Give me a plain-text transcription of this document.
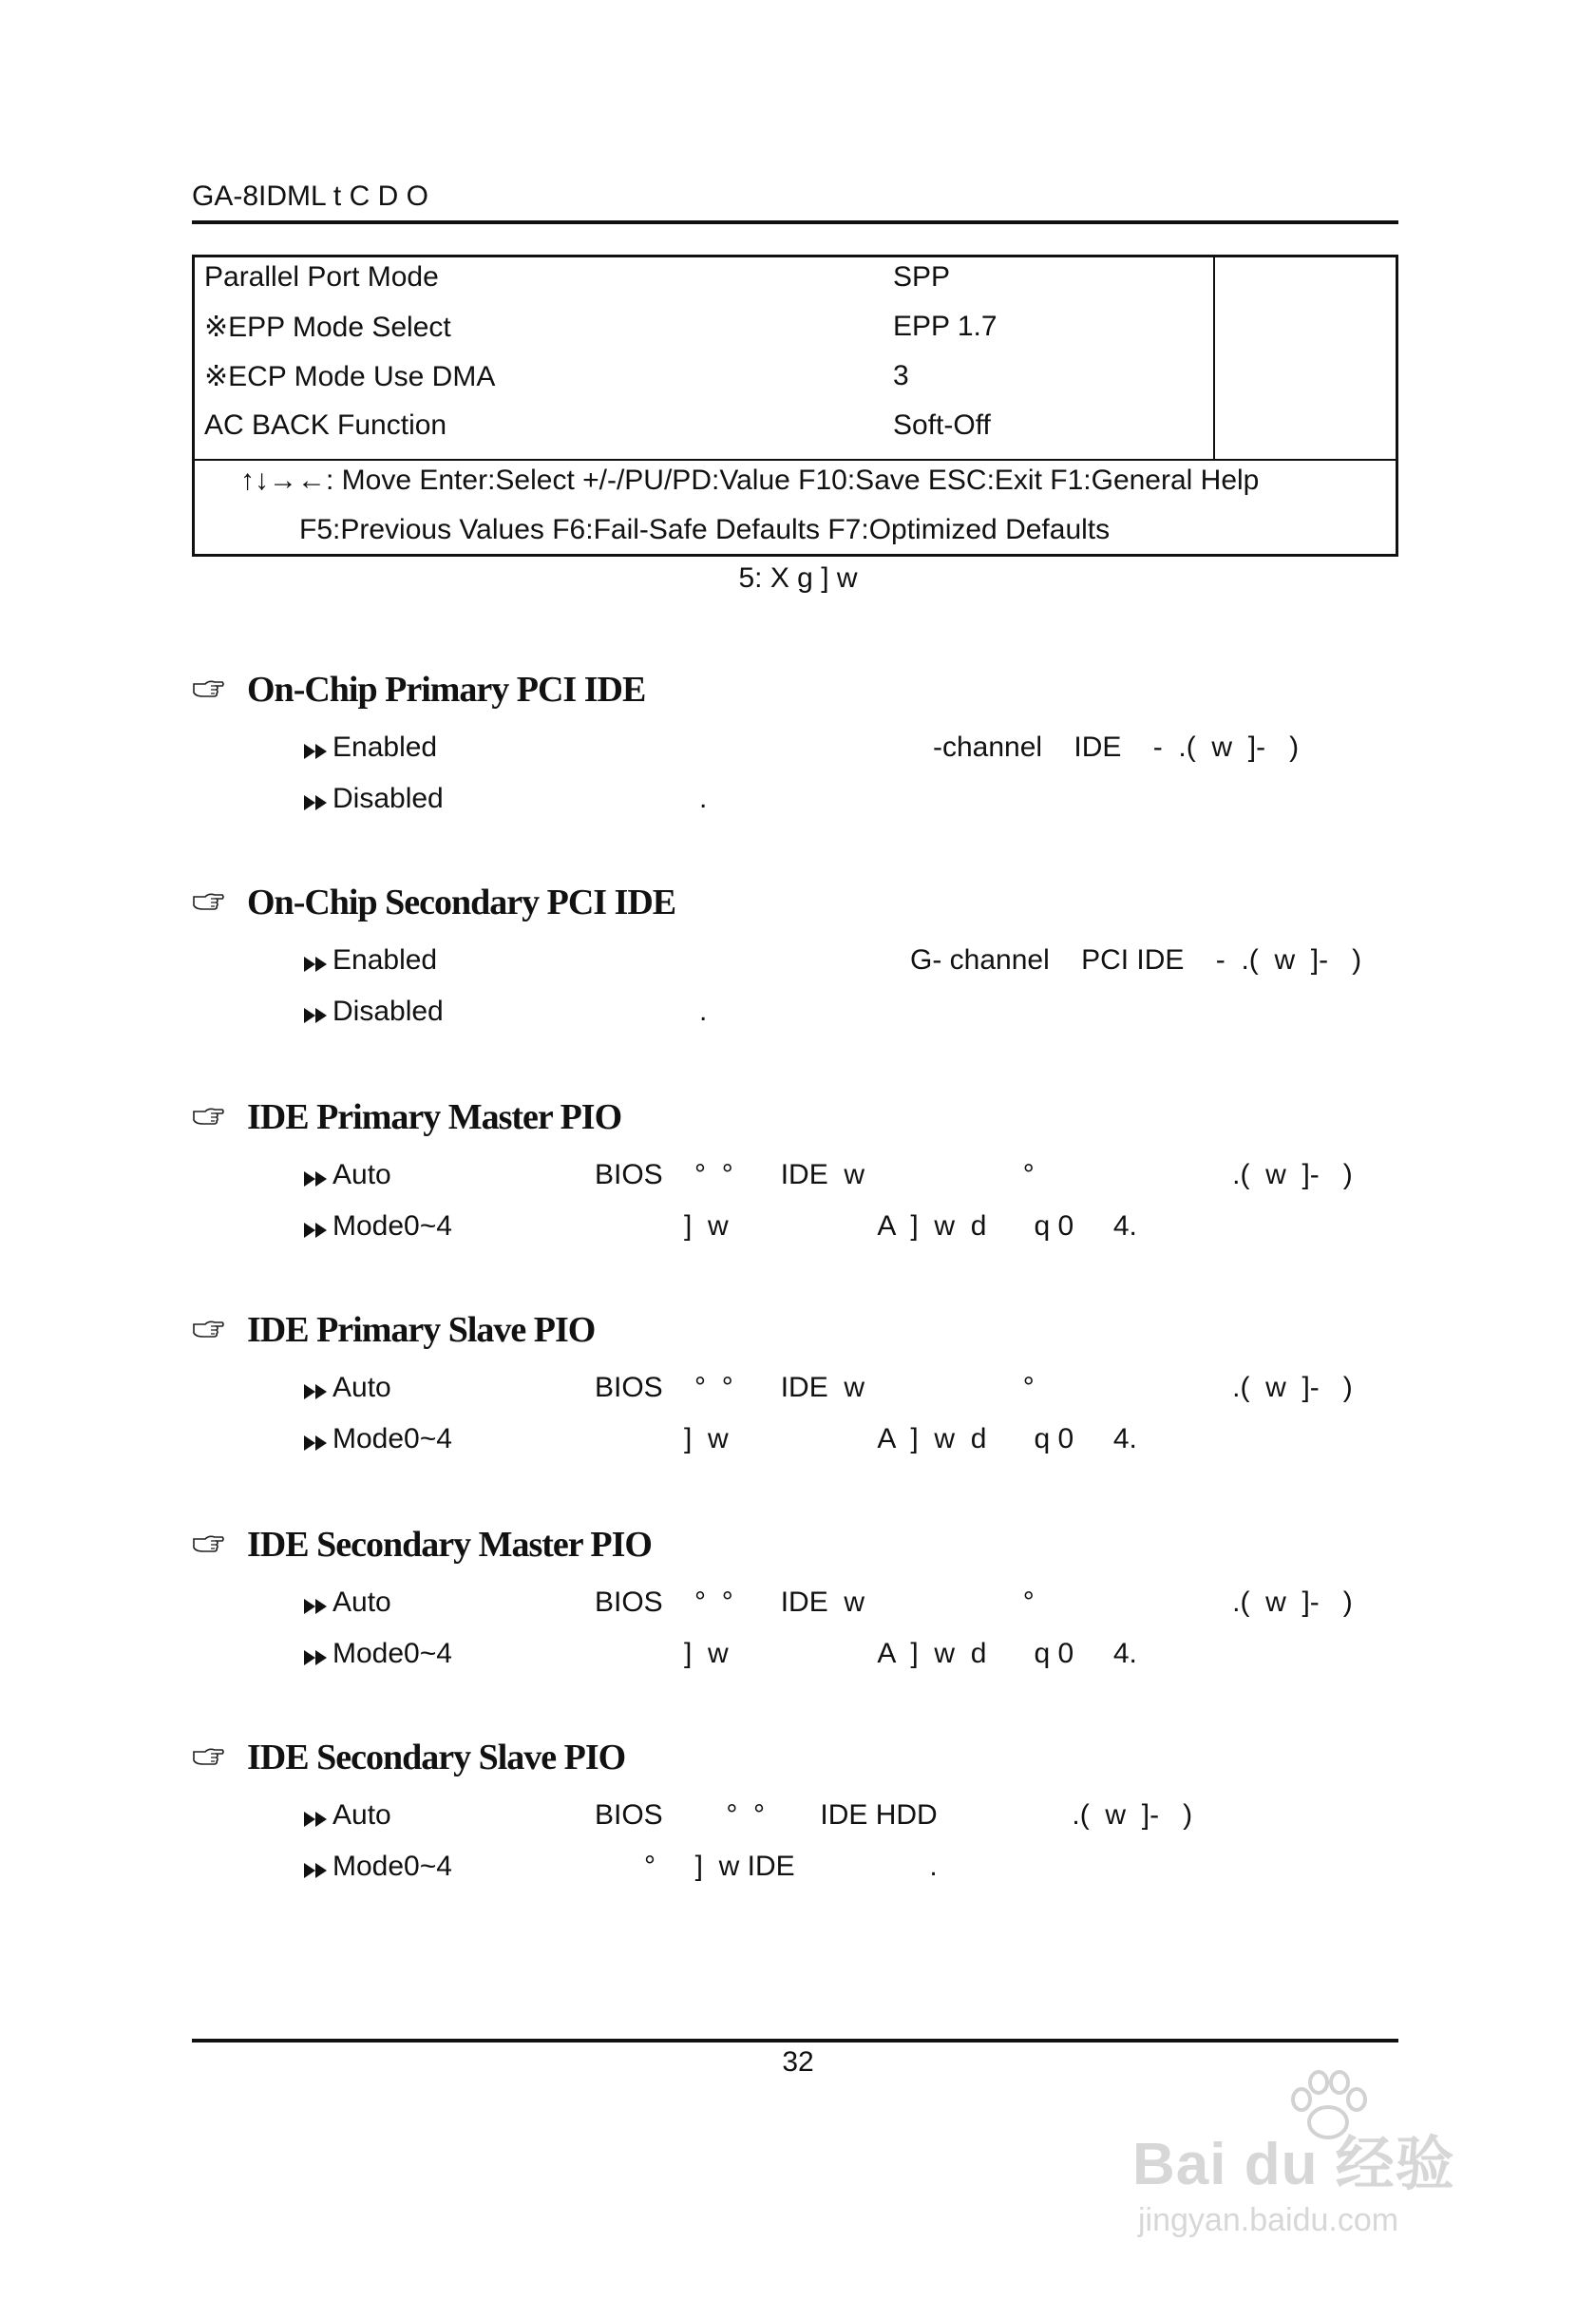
GA-8IDML t C D O
Parallel Port Mode	SPP
※EPP Mode Select	EPP 1.7
※ECP Mode Use DMA	3
AC BACK Function	Soft-Off
↑↓→←: Move Enter:Select +/-/PU/PD:Value F10:Save ESC:Exit F1:General Help
F5:Previous Values F6:Fail-Safe Defaults F7:Optimized Defaults
5: X g ] w
On-Chip Primary PCI IDE
Enabled	-channel    IDE    -  .(  w  ]-   )
Disabled	.
On-Chip Secondary PCI IDE
Enabled	G- channel    PCI IDE    -  .(  w  ]-   )
Disabled	.
IDE Primary Master PIO
Auto	BIOS    °  °      IDE  w                    °                         .(  w  ]-   )
Mode0~4	]  w                   A  ]  w  d      q 0     4.
IDE Primary Slave PIO
Auto	BIOS    °  °      IDE  w                    °                         .(  w  ]-   )
Mode0~4	]  w                   A  ]  w  d      q 0     4.
IDE Secondary Master PIO
Auto	BIOS    °  °      IDE  w                    °                         .(  w  ]-   )
Mode0~4	]  w                   A  ]  w  d      q 0     4.
IDE Secondary Slave PIO
Auto	BIOS        °  °       IDE HDD                 .(  w  ]-   )
Mode0~4	°     ]  w IDE                 .
32
Bai du 经验
jingyan.baidu.com
